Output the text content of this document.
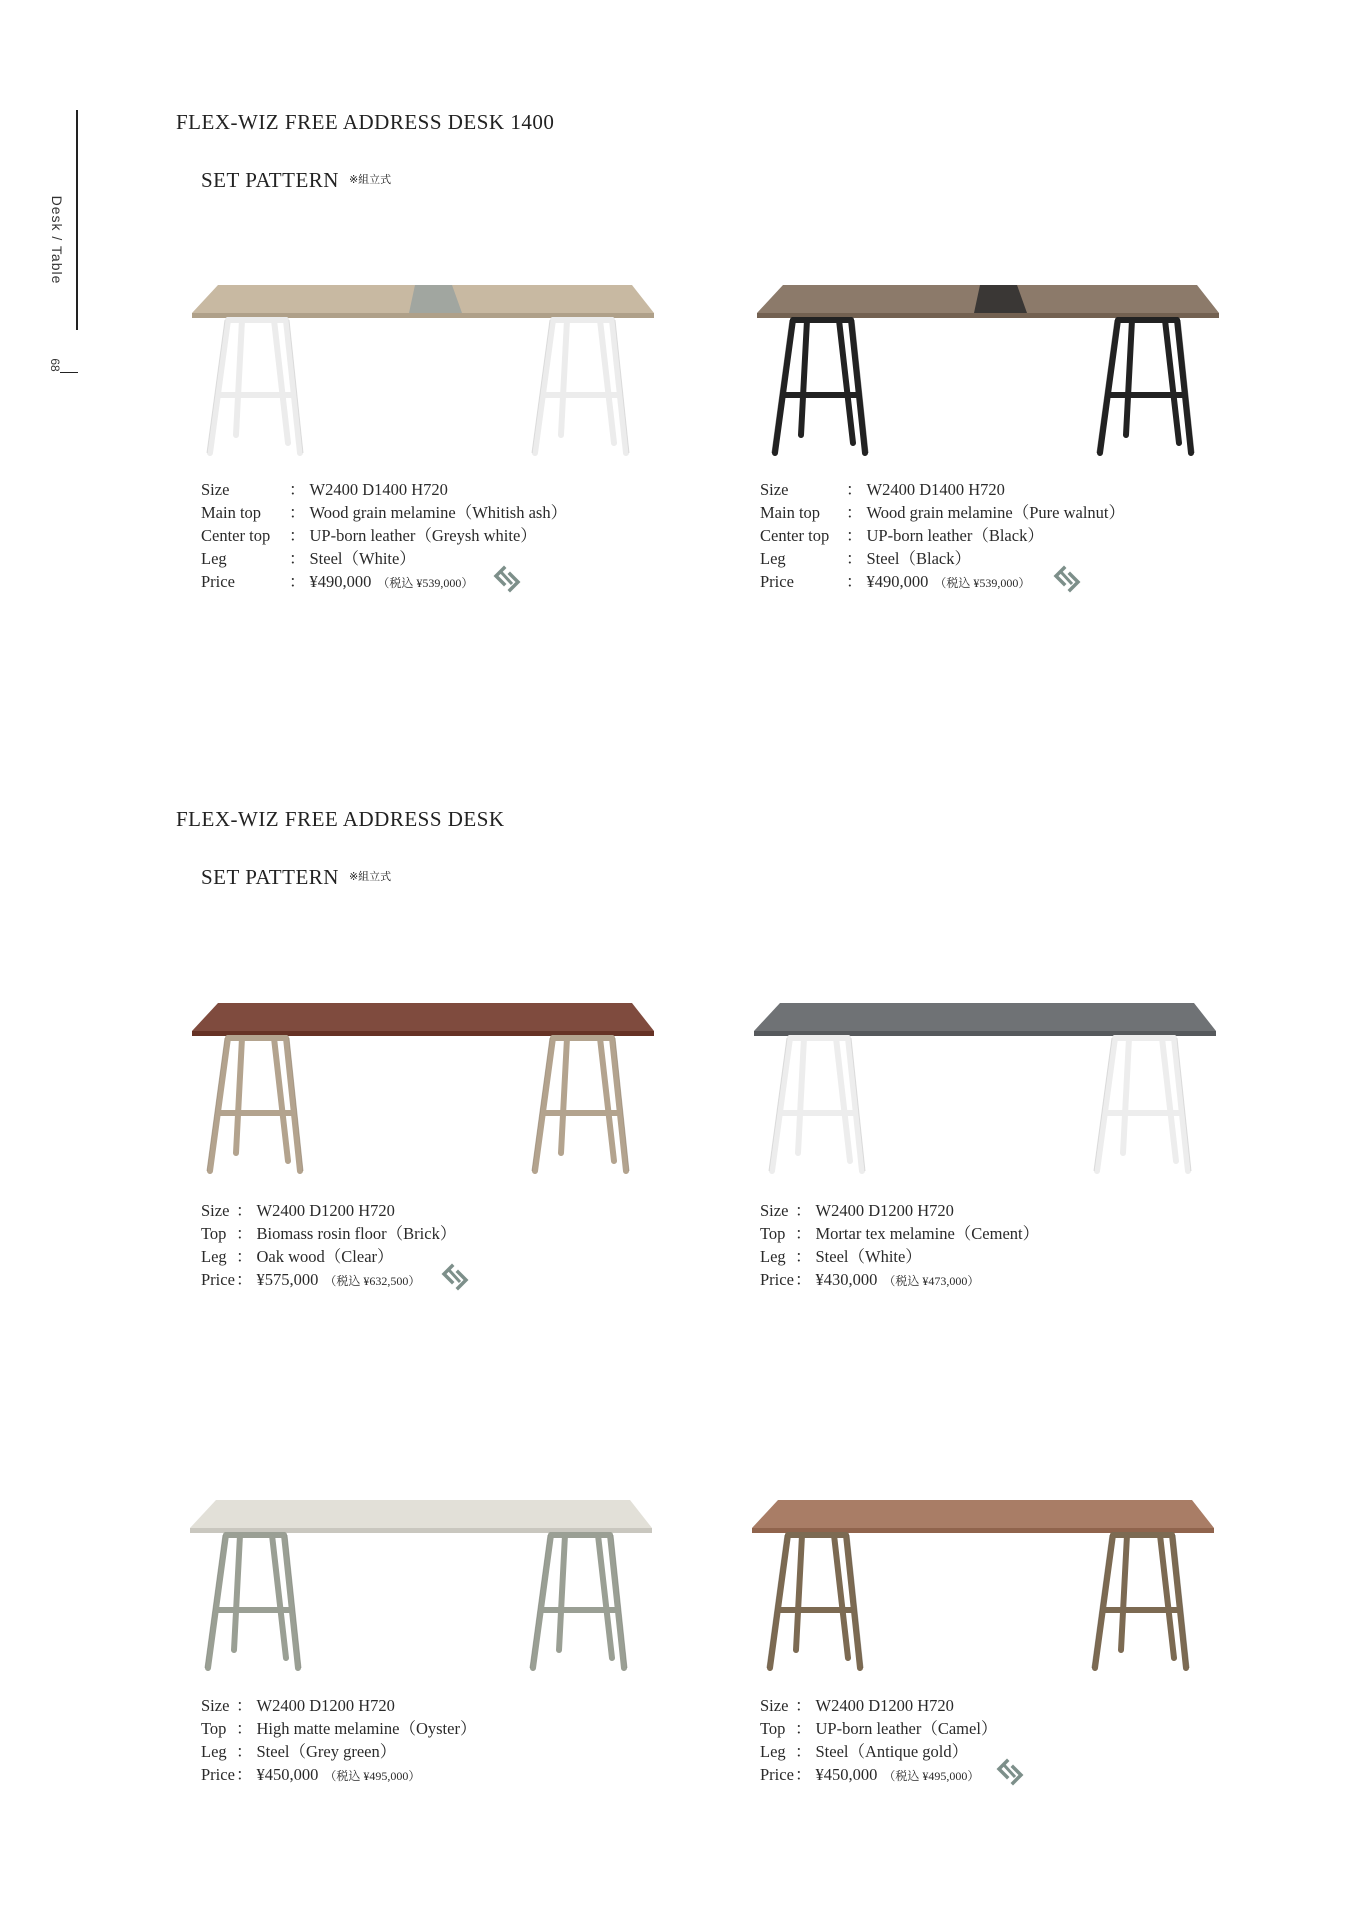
Desk / Table
68
FLEX-WIZ FREE ADDRESS DESK 1400
SET PATTERN ※組立式
FLEX-WIZ FREE ADDRESS DESK
SET PATTERN ※組立式
Size	： W2400 D1400 H720
Main top ： Wood grain melamine（Whitish ash）
Center top ： UP-born leather（Greysh white）
Leg	： Steel（White）
Price	： ¥490,000 （税込 ¥539,000）
Size	： W2400 D1400 H720
Main top ： Wood grain melamine（Pure walnut）
Center top ： UP-born leather（Black）
Leg	： Steel（Black）
Price	： ¥490,000 （税込 ¥539,000）
Size ： W2400 D1200 H720
Top ： Biomass rosin floor（Brick）
Leg ： Oak wood（Clear）
Price ： ¥575,000 （税込 ¥632,500）
Size ： W2400 D1200 H720
Top ： Mortar tex melamine（Cement）
Leg ： Steel（White）
Price ： ¥430,000 （税込 ¥473,000）
Size ： W2400 D1200 H720
Top ： High matte melamine（Oyster）
Leg ： Steel（Grey green）
Price ： ¥450,000 （税込 ¥495,000）
Size ： W2400 D1200 H720
Top ： UP-born leather（Camel）
Leg ： Steel（Antique gold）
Price ： ¥450,000 （税込 ¥495,000）
